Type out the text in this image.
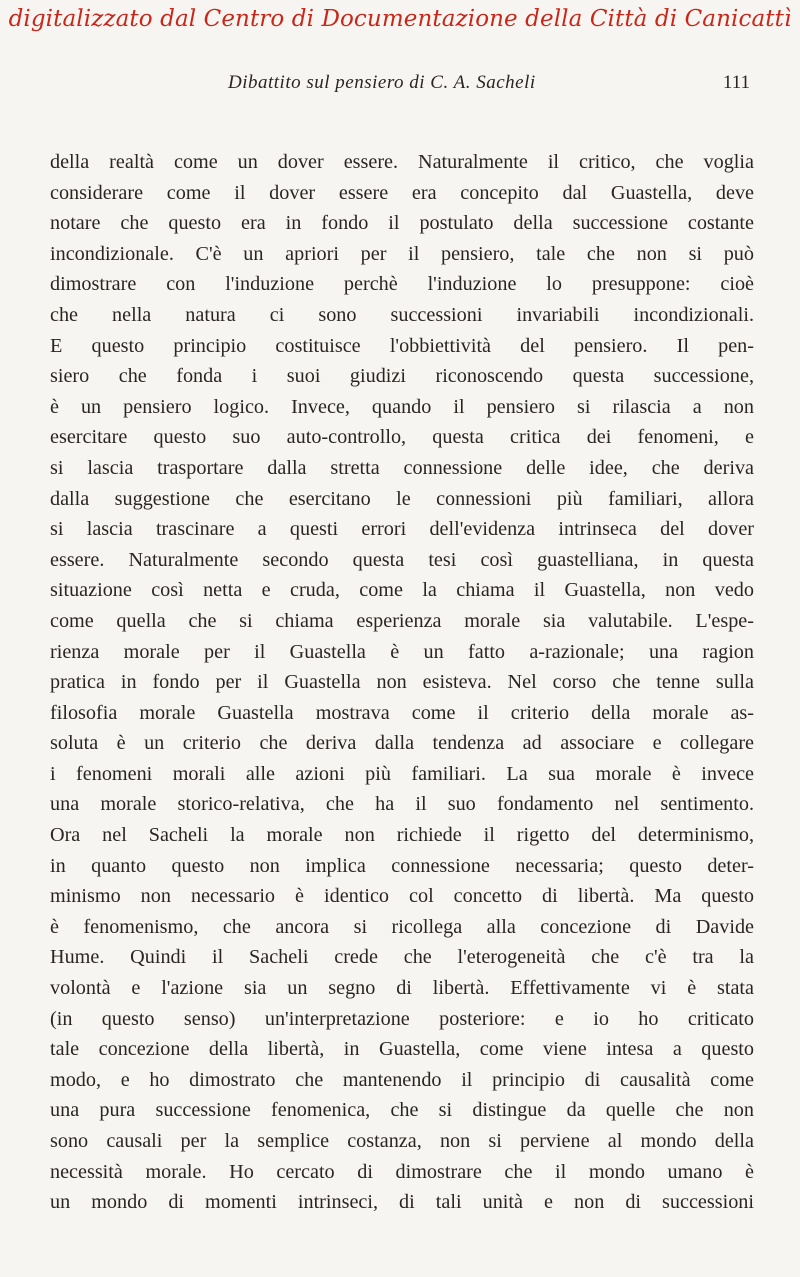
digitalizzato dal Centro di Documentazione della Città di Canicattì
Dibattito sul pensiero di C. A. Sacheli	111
della realtà come un dover essere. Naturalmente il critico, che voglia
considerare come il dover essere era concepito dal Guastella, deve
notare che questo era in fondo il postulato della successione costante
incondizionale. C'è un apriori per il pensiero, tale che non si può
dimostrare con l'induzione perchè l'induzione lo presuppone: cioè
che nella natura ci sono successioni invariabili incondizionali.
E questo principio costituisce l'obbiettività del pensiero. Il pen-
siero che fonda i suoi giudizi riconoscendo questa successione,
è un pensiero logico. Invece, quando il pensiero si rilascia a non
esercitare questo suo auto-controllo, questa critica dei fenomeni, e
si lascia trasportare dalla stretta connessione delle idee, che deriva
dalla suggestione che esercitano le connessioni più familiari, allora
si lascia trascinare a questi errori dell'evidenza intrinseca del dover
essere. Naturalmente secondo questa tesi così guastelliana, in questa
situazione così netta e cruda, come la chiama il Guastella, non vedo
come quella che si chiama esperienza morale sia valutabile. L'espe-
rienza morale per il Guastella è un fatto a-razionale; una ragion
pratica in fondo per il Guastella non esisteva. Nel corso che tenne sulla
filosofia morale Guastella mostrava come il criterio della morale as-
soluta è un criterio che deriva dalla tendenza ad associare e collegare
i fenomeni morali alle azioni più familiari. La sua morale è invece
una morale storico-relativa, che ha il suo fondamento nel sentimento.
Ora nel Sacheli la morale non richiede il rigetto del determinismo,
in quanto questo non implica connessione necessaria; questo deter-
minismo non necessario è identico col concetto di libertà. Ma questo
è fenomenismo, che ancora si ricollega alla concezione di Davide
Hume. Quindi il Sacheli crede che l'eterogeneità che c'è tra la
volontà e l'azione sia un segno di libertà. Effettivamente vi è stata
(in questo senso) un'interpretazione posteriore: e io ho criticato
tale concezione della libertà, in Guastella, come viene intesa a questo
modo, e ho dimostrato che mantenendo il principio di causalità come
una pura successione fenomenica, che si distingue da quelle che non
sono causali per la semplice costanza, non si perviene al mondo della
necessità morale. Ho cercato di dimostrare che il mondo umano è
un mondo di momenti intrinseci, di tali unità e non di successioni
